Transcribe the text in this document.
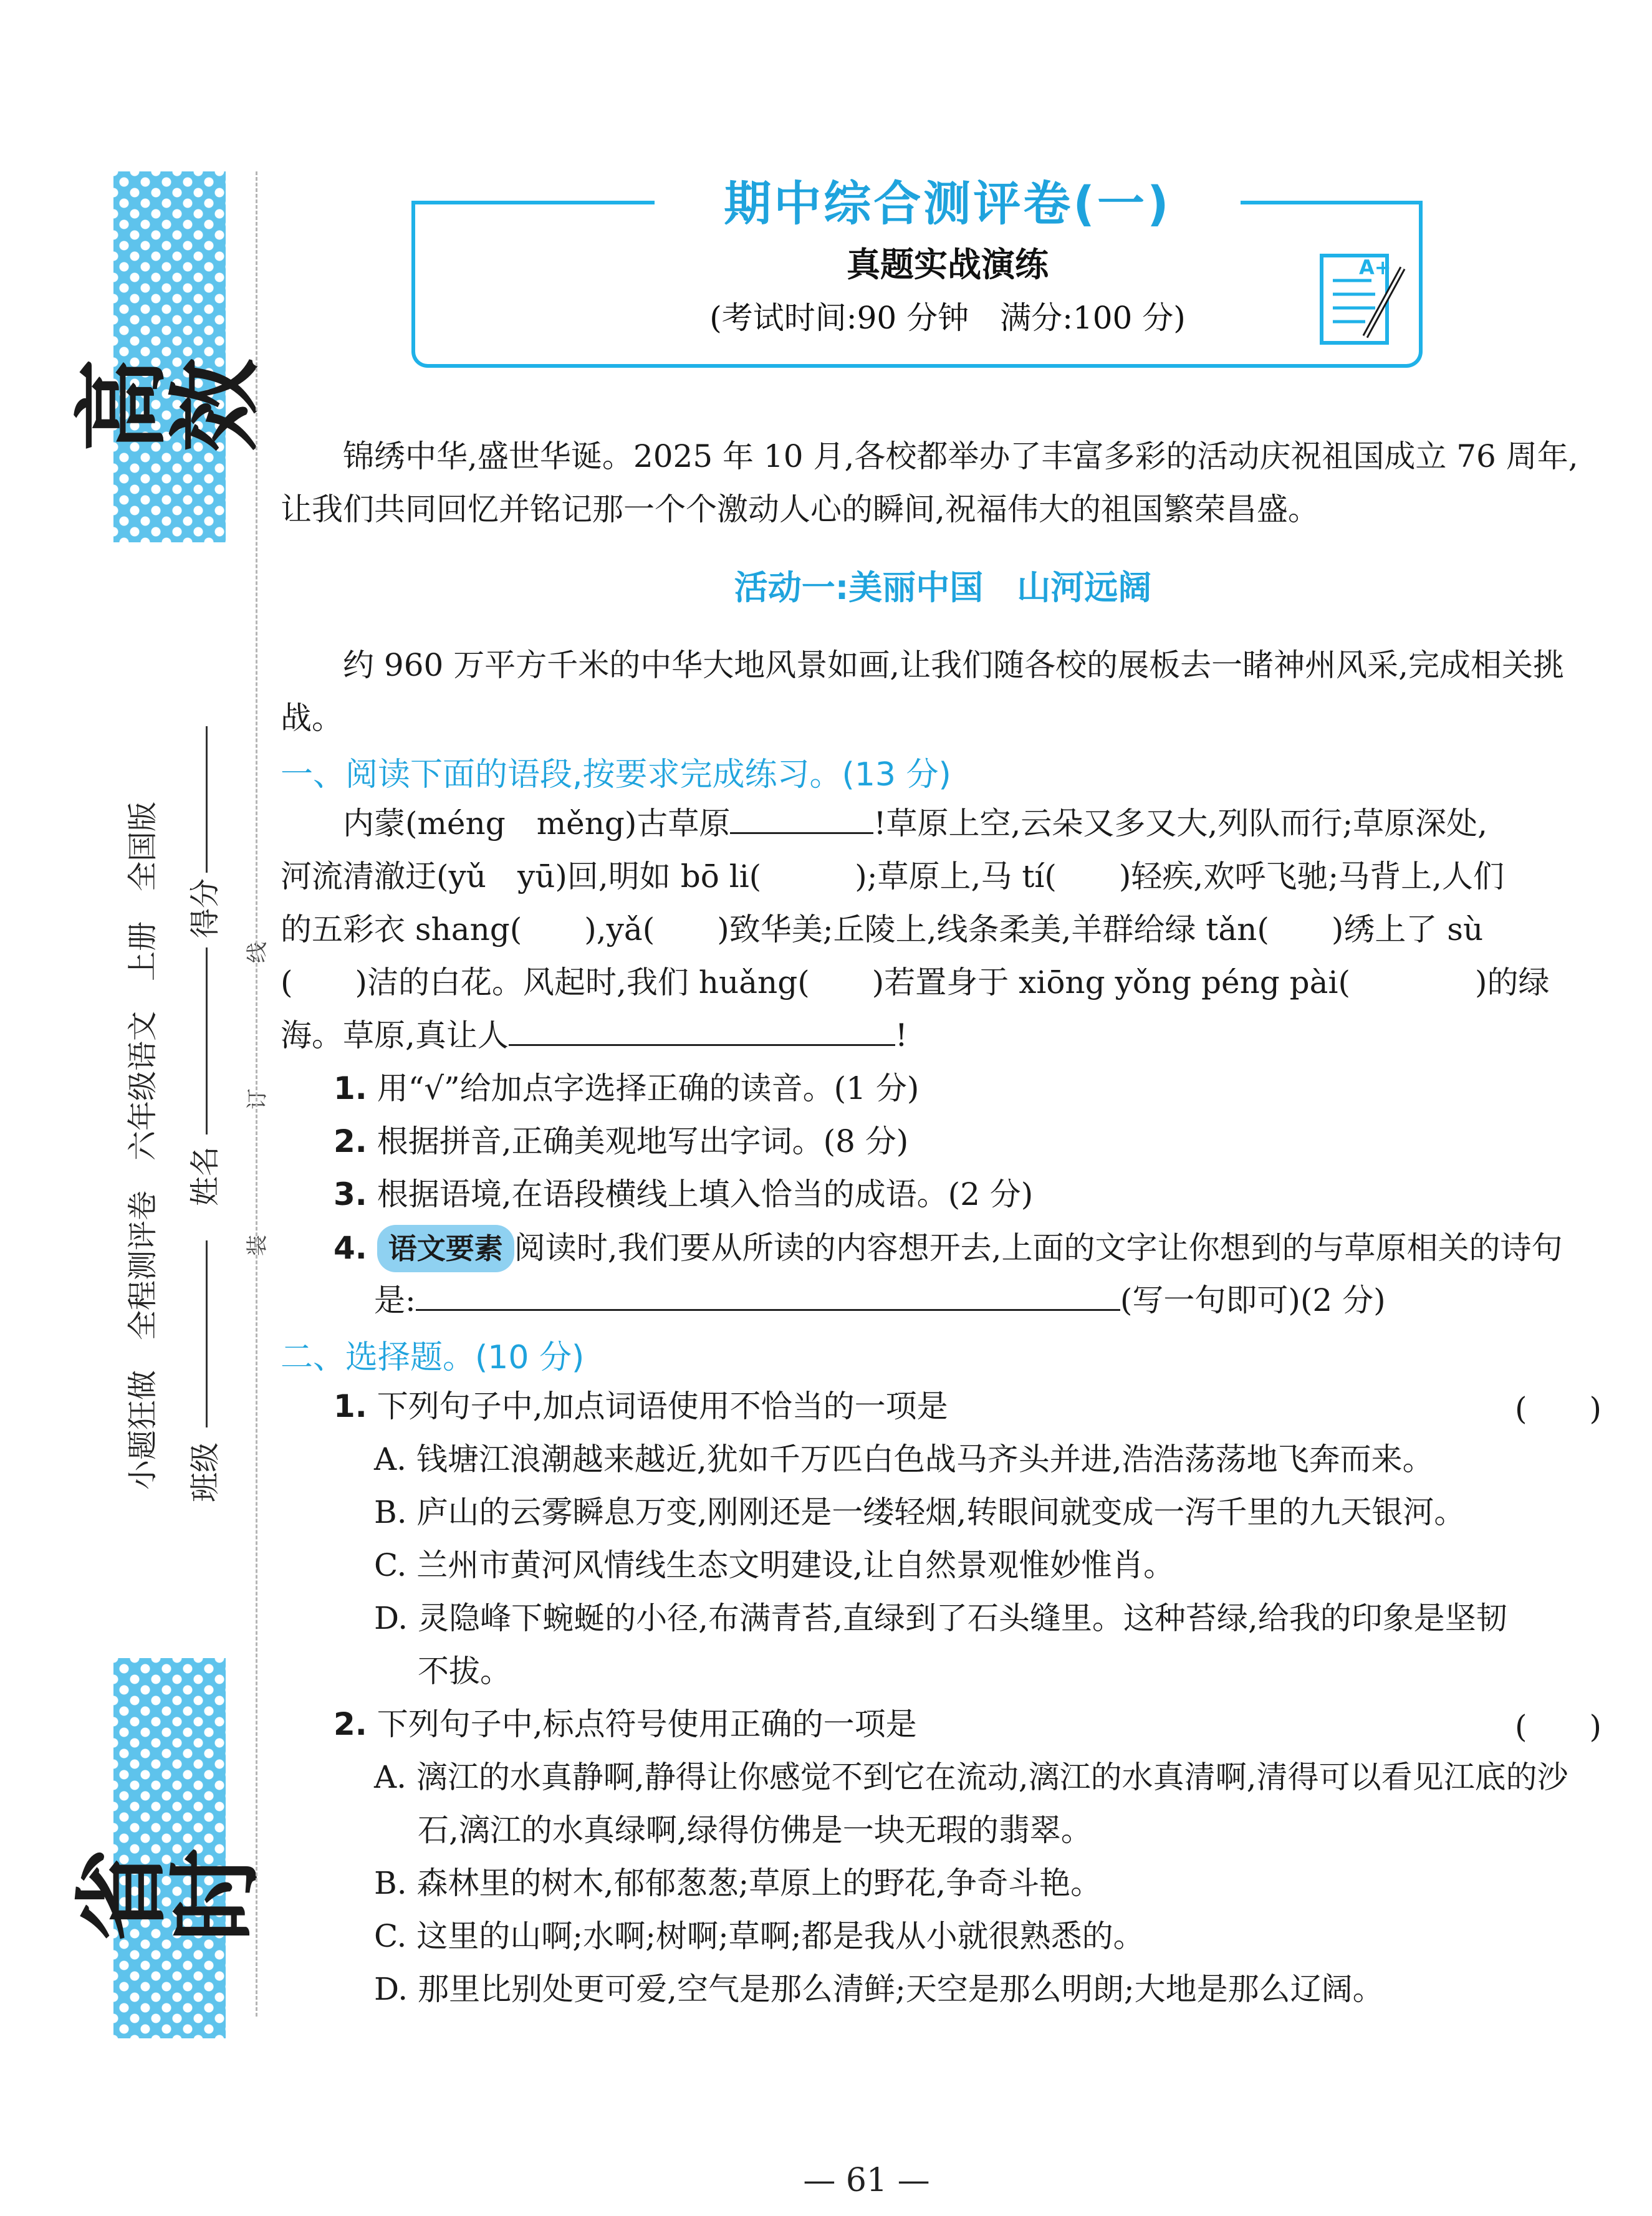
高效
省时
小题狂做　全程测评卷　六年级语文　上册　全国版 班级
姓名
得分
装
订
线
期中综合测评卷(一)
真题实战演练
(考试时间:90 分钟　满分:100 分)
A+
锦绣中华,盛世华诞。2025 年 10 月,各校都举办了丰富多彩的活动庆祝祖国成立 76 周年,让我们共同回忆并铭记那一个个激动人心的瞬间,祝福伟大的祖国繁荣昌盛。
活动一:美丽中国　山河远阔
约 960 万平方千米的中华大地风景如画,让我们随各校的展板去一睹神州风采,完成相关挑战。
一、阅读下面的语段,按要求完成练习。(13 分)
内蒙(méng　měng)古草原	!草原上空,云朵又多又大,列队而行;草原深处,
河流清澈迂(yǔ　yū)回,明如 bō li(　　　);草原上,马 tí(　　)轻疾,欢呼飞驰;马背上,人们
的五彩衣 shang(　　),yǎ(　　)致华美;丘陵上,线条柔美,羊群给绿 tǎn(　　)绣上了 sù
(　　)洁的白花。风起时,我们 huǎng(　　)若置身于 xiōng yǒng péng pài(　　　　)的绿
海。草原,真让人	!
1. 用“√”给加点字选择正确的读音。(1 分)
2. 根据拼音,正确美观地写出字词。(8 分)
3. 根据语境,在语段横线上填入恰当的成语。(2 分)
4. 语文要素 阅读时,我们要从所读的内容想开去,上面的文字让你想到的与草原相关的诗句
是:	(写一句即可)(2 分)
二、选择题。(10 分)
1. 下列句子中,加点词语使用不恰当的一项是	(　　)
A. 钱塘江浪潮越来越近,犹如千万匹白色战马齐头并进,浩浩荡荡地飞奔而来。
B. 庐山的云雾瞬息万变,刚刚还是一缕轻烟,转眼间就变成一泻千里的九天银河。
C. 兰州市黄河风情线生态文明建设,让自然景观惟妙惟肖。
D. 灵隐峰下蜿蜒的小径,布满青苔,直绿到了石头缝里。这种苔绿,给我的印象是坚韧
不拔。
2. 下列句子中,标点符号使用正确的一项是	(　　)
A. 漓江的水真静啊,静得让你感觉不到它在流动,漓江的水真清啊,清得可以看见江底的沙
石,漓江的水真绿啊,绿得仿佛是一块无瑕的翡翠。
B. 森林里的树木,郁郁葱葱;草原上的野花,争奇斗艳。
C. 这里的山啊;水啊;树啊;草啊;都是我从小就很熟悉的。
D. 那里比别处更可爱,空气是那么清鲜;天空是那么明朗;大地是那么辽阔。
— 61 —
